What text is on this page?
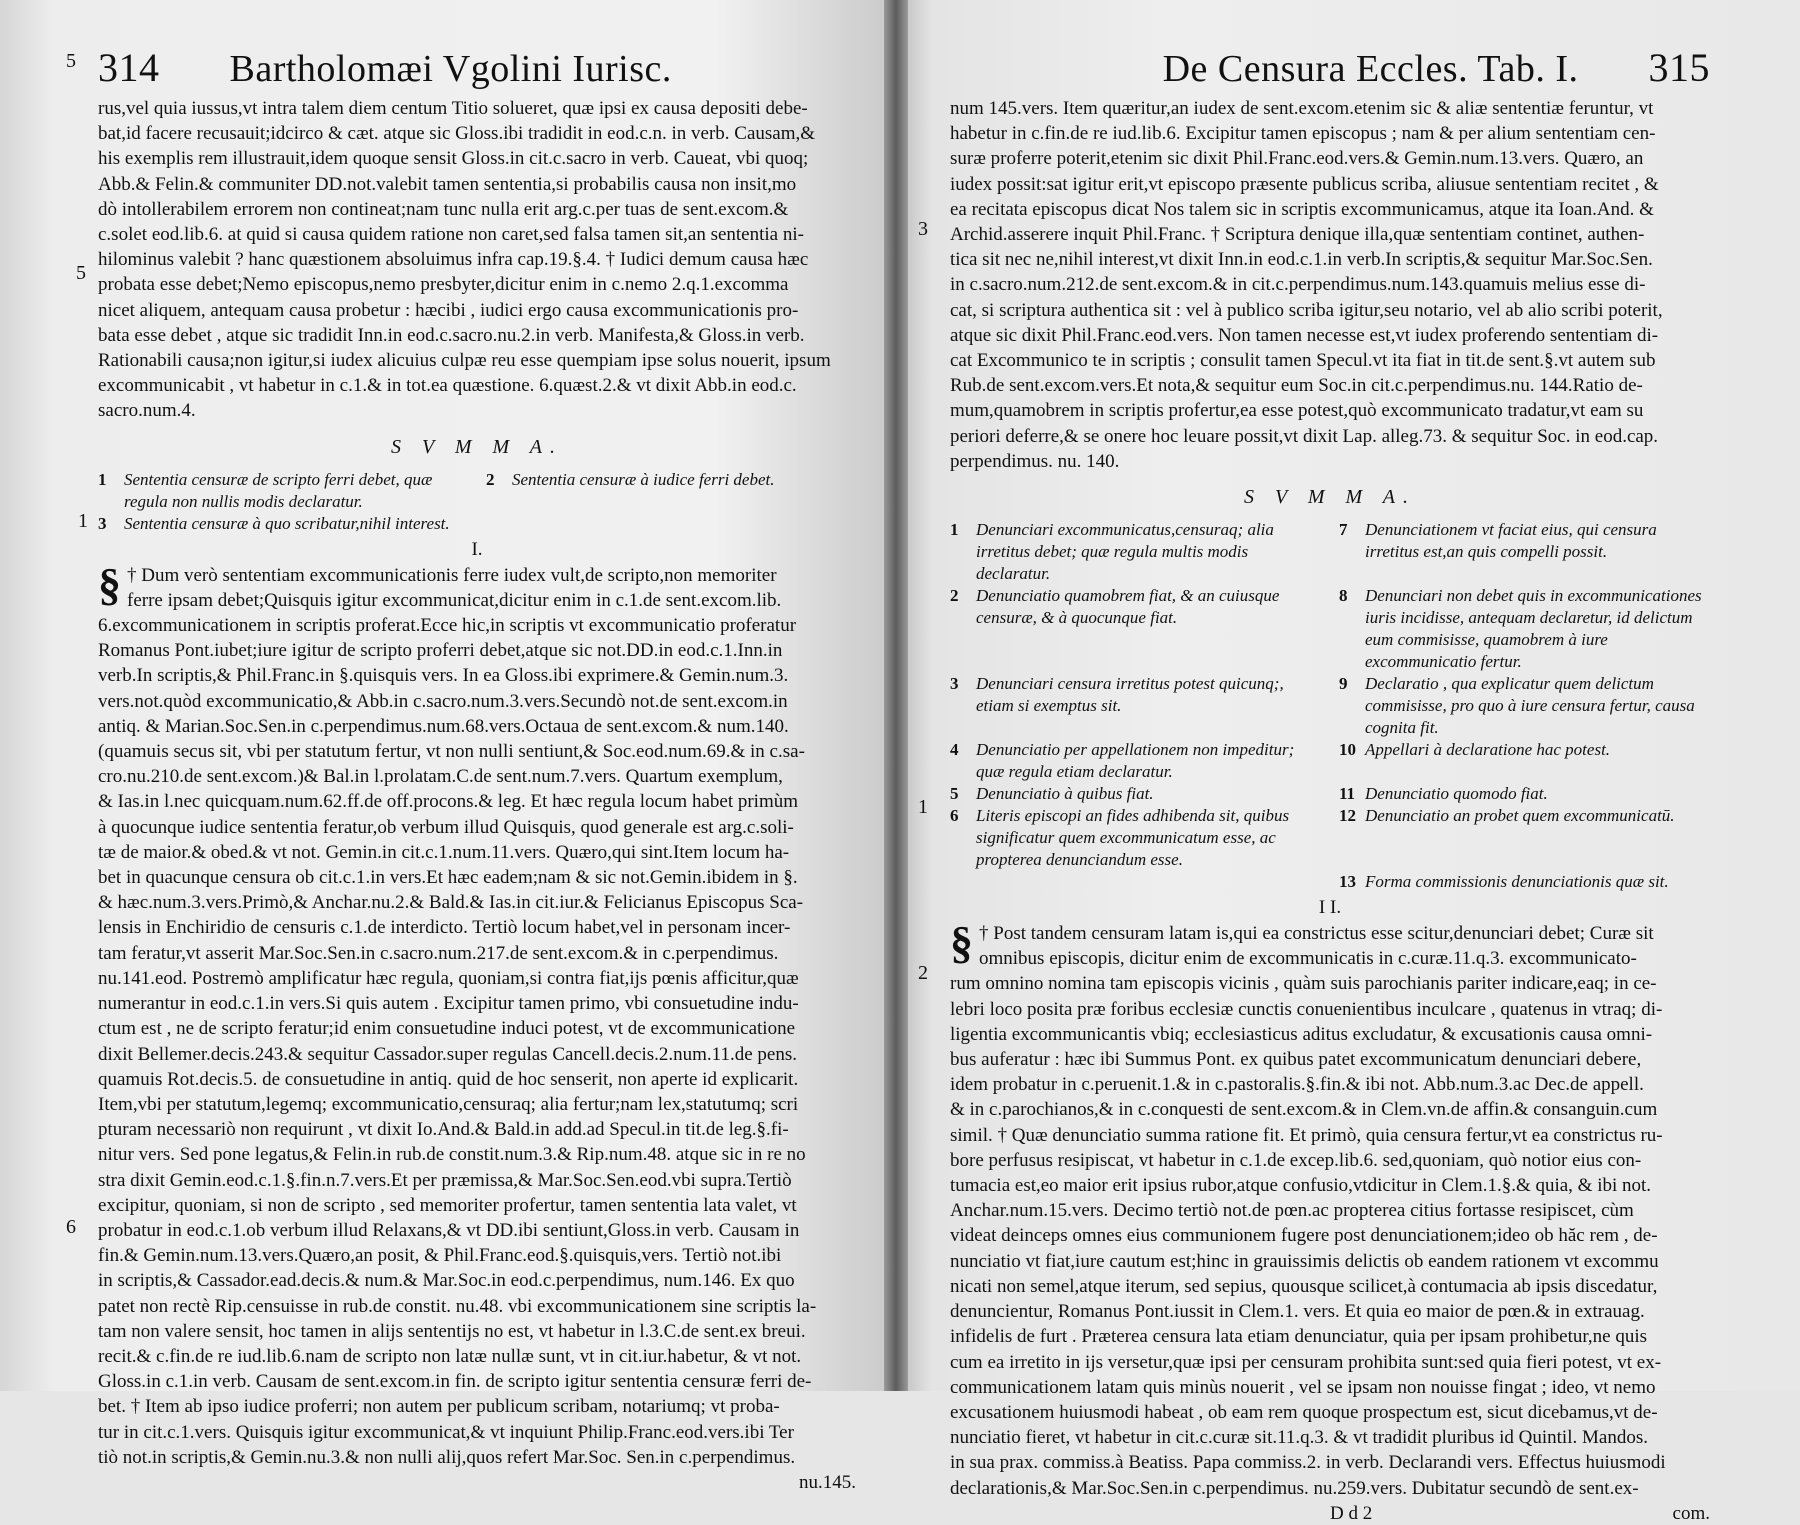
314 Bartholomæi Vgolini Iurisc.
5
5
1
6
rus,vel quia iussus,vt intra talem diem centum Titio solueret, quæ ipsi ex causa depositi debe-
bat,id facere recusauit;idcirco & cæt. atque sic Gloss.ibi tradidit in eod.c.n. in verb. Causam,&
his exemplis rem illustrauit,idem quoque sensit Gloss.in cit.c.sacro in verb. Caueat, vbi quoq;
Abb.& Felin.& communiter DD.not.valebit tamen sententia,si probabilis causa non insit,mo
dò intollerabilem errorem non contineat;nam tunc nulla erit arg.c.per tuas de sent.excom.&
c.solet eod.lib.6. at quid si causa quidem ratione non caret,sed falsa tamen sit,an sententia ni-
hilominus valebit ? hanc quæstionem absoluimus infra cap.19.§.4. † Iudici demum causa hæc
probata esse debet;Nemo episcopus,nemo presbyter,dicitur enim in c.nemo 2.q.1.excomma
nicet aliquem, antequam causa probetur : hæcibi , iudici ergo causa excommunicationis pro-
bata esse debet , atque sic tradidit Inn.in eod.c.sacro.nu.2.in verb. Manifesta,& Gloss.in verb.
Rationabili causa;non igitur,si iudex alicuius culpæ reu esse quempiam ipse solus nouerit, ipsum
excommunicabit , vt habetur in c.1.& in tot.ea quæstione. 6.quæst.2.& vt dixit Abb.in eod.c.
sacro.num.4.
S V M M A.
1	Sententia censuræ de scripto ferri debet, quæ regula non nullis modis declaratur.
2	Sententia censuræ à iudice ferri debet.
3	Sententia censuræ à quo scribatur,nihil interest.
I.
§ † Dum verò sententiam excommunicationis ferre iudex vult,de scripto,non memoriter
ferre ipsam debet;Quisquis igitur excommunicat,dicitur enim in c.1.de sent.excom.lib.
6.excommunicationem in scriptis proferat.Ecce hic,in scriptis vt excommunicatio proferatur
Romanus Pont.iubet;iure igitur de scripto proferri debet,atque sic not.DD.in eod.c.1.Inn.in
verb.In scriptis,& Phil.Franc.in §.quisquis vers. In ea Gloss.ibi exprimere.& Gemin.num.3.
vers.not.quòd excommunicatio,& Abb.in c.sacro.num.3.vers.Secundò not.de sent.excom.in
antiq. & Marian.Soc.Sen.in c.perpendimus.num.68.vers.Octaua de sent.excom.& num.140.
(quamuis secus sit, vbi per statutum fertur, vt non nulli sentiunt,& Soc.eod.num.69.& in c.sa-
cro.nu.210.de sent.excom.)& Bal.in l.prolatam.C.de sent.num.7.vers. Quartum exemplum,
& Ias.in l.nec quicquam.num.62.ff.de off.procons.& leg. Et hæc regula locum habet primùm
à quocunque iudice sententia feratur,ob verbum illud Quisquis, quod generale est arg.c.soli-
tæ de maior.& obed.& vt not. Gemin.in cit.c.1.num.11.vers. Quæro,qui sint.Item locum ha-
bet in quacunque censura ob cit.c.1.in vers.Et hæc eadem;nam & sic not.Gemin.ibidem in §.
& hæc.num.3.vers.Primò,& Anchar.nu.2.& Bald.& Ias.in cit.iur.& Felicianus Episcopus Sca-
lensis in Enchiridio de censuris c.1.de interdicto. Tertiò locum habet,vel in personam incer-
tam feratur,vt asserit Mar.Soc.Sen.in c.sacro.num.217.de sent.excom.& in c.perpendimus.
nu.141.eod. Postremò amplificatur hæc regula, quoniam,si contra fiat,ijs pœnis afficitur,quæ
numerantur in eod.c.1.in vers.Si quis autem . Excipitur tamen primo, vbi consuetudine indu-
ctum est , ne de scripto feratur;id enim consuetudine induci potest, vt de excommunicatione
dixit Bellemer.decis.243.& sequitur Cassador.super regulas Cancell.decis.2.num.11.de pens.
quamuis Rot.decis.5. de consuetudine in antiq. quid de hoc senserit, non aperte id explicarit.
Item,vbi per statutum,legemq; excommunicatio,censuraq; alia fertur;nam lex,statutumq; scri
pturam necessariò non requirunt , vt dixit Io.And.& Bald.in add.ad Specul.in tit.de leg.§.fi-
nitur vers. Sed pone legatus,& Felin.in rub.de constit.num.3.& Rip.num.48. atque sic in re no
stra dixit Gemin.eod.c.1.§.fin.n.7.vers.Et per præmissa,& Mar.Soc.Sen.eod.vbi supra.Tertiò
excipitur, quoniam, si non de scripto , sed memoriter profertur, tamen sententia lata valet, vt
probatur in eod.c.1.ob verbum illud Relaxans,& vt DD.ibi sentiunt,Gloss.in verb. Causam in
fin.& Gemin.num.13.vers.Quæro,an posit, & Phil.Franc.eod.§.quisquis,vers. Tertiò not.ibi
in scriptis,& Cassador.ead.decis.& num.& Mar.Soc.in eod.c.perpendimus, num.146. Ex quo
patet non rectè Rip.censuisse in rub.de constit. nu.48. vbi excommunicationem sine scriptis la-
tam non valere sensit, hoc tamen in alijs sententijs no est, vt habetur in l.3.C.de sent.ex breui.
recit.& c.fin.de re iud.lib.6.nam de scripto non latæ nullæ sunt, vt in cit.iur.habetur, & vt not.
Gloss.in c.1.in verb. Causam de sent.excom.in fin. de scripto igitur sententia censuræ ferri de-
bet. † Item ab ipso iudice proferri; non autem per publicum scribam, notariumq; vt proba-
tur in cit.c.1.vers. Quisquis igitur excommunicat,& vt inquiunt Philip.Franc.eod.vers.ibi Ter
tiò not.in scriptis,& Gemin.nu.3.& non nulli alij,quos refert Mar.Soc. Sen.in c.perpendimus.
nu.145.
De Censura Eccles. Tab. I. 315
3
1
2
num 145.vers. Item quæritur,an iudex de sent.excom.etenim sic & aliæ sententiæ feruntur, vt
habetur in c.fin.de re iud.lib.6. Excipitur tamen episcopus ; nam & per alium sententiam cen-
suræ proferre poterit,etenim sic dixit Phil.Franc.eod.vers.& Gemin.num.13.vers. Quæro, an
iudex possit:sat igitur erit,vt episcopo præsente publicus scriba, aliusue sententiam recitet , &
ea recitata episcopus dicat Nos talem sic in scriptis excommunicamus, atque ita Ioan.And. &
Archid.asserere inquit Phil.Franc. † Scriptura denique illa,quæ sententiam continet, authen-
tica sit nec ne,nihil interest,vt dixit Inn.in eod.c.1.in verb.In scriptis,& sequitur Mar.Soc.Sen.
in c.sacro.num.212.de sent.excom.& in cit.c.perpendimus.num.143.quamuis melius esse di-
cat, si scriptura authentica sit : vel à publico scriba igitur,seu notario, vel ab alio scribi poterit,
atque sic dixit Phil.Franc.eod.vers. Non tamen necesse est,vt iudex proferendo sententiam di-
cat Excommunico te in scriptis ; consulit tamen Specul.vt ita fiat in tit.de sent.§.vt autem sub
Rub.de sent.excom.vers.Et nota,& sequitur eum Soc.in cit.c.perpendimus.nu. 144.Ratio de-
mum,quamobrem in scriptis profertur,ea esse potest,quò excommunicato tradatur,vt eam su
periori deferre,& se onere hoc leuare possit,vt dixit Lap. alleg.73. & sequitur Soc. in eod.cap.
perpendimus. nu. 140.
S V M M A.
1	Denunciari excommunicatus,censuraq; alia irretitus debet; quæ regula multis modis declaratur.
7	Denunciationem vt faciat eius, qui censura irretitus est,an quis compelli possit.
2	Denunciatio quamobrem fiat, & an cuiusque censuræ, & à quocunque fiat.
8	Denunciari non debet quis in excommunicationes iuris incidisse, antequam declaretur, id delictum eum commisisse, quamobrem à iure excommunicatio fertur.
3	Denunciari censura irretitus potest quicunq;, etiam si exemptus sit.
9	Declaratio , qua explicatur quem delictum commisisse, pro quo à iure censura fertur, causa cognita fit.
4	Denunciatio per appellationem non impeditur; quæ regula etiam declaratur.
10 Appellari à declaratione hac potest.
5	Denunciatio à quibus fiat.	11 Denunciatio quomodo fiat.
6	Literis episcopi an fides adhibenda sit, quibus significatur quem excommunicatum esse, ac propterea denunciandum esse.
12 Denunciatio an probet quem excommunicatū.
13 Forma commissionis denunciationis quæ sit.
I I.
§ † Post tandem censuram latam is,qui ea constrictus esse scitur,denunciari debet; Curæ sit
omnibus episcopis, dicitur enim de excommunicatis in c.curæ.11.q.3. excommunicato-
rum omnino nomina tam episcopis vicinis , quàm suis parochianis pariter indicare,eaq; in ce-
lebri loco posita præ foribus ecclesiæ cunctis conuenientibus inculcare , quatenus in vtraq; di-
ligentia excommunicantis vbiq; ecclesiasticus aditus excludatur, & excusationis causa omni-
bus auferatur : hæc ibi Summus Pont. ex quibus patet excommunicatum denunciari debere,
idem probatur in c.peruenit.1.& in c.pastoralis.§.fin.& ibi not. Abb.num.3.ac Dec.de appell.
& in c.parochianos,& in c.conquesti de sent.excom.& in Clem.vn.de affin.& consanguin.cum
simil. † Quæ denunciatio summa ratione fit. Et primò, quia censura fertur,vt ea constrictus ru-
bore perfusus resipiscat, vt habetur in c.1.de excep.lib.6. sed,quoniam, quò notior eius con-
tumacia est,eo maior erit ipsius rubor,atque confusio,vtdicitur in Clem.1.§.& quia, & ibi not.
Anchar.num.15.vers. Decimo tertiò not.de pœn.ac propterea citius fortasse resipiscet, cùm
videat deinceps omnes eius communionem fugere post denunciationem;ideo ob hăc rem , de-
nunciatio vt fiat,iure cautum est;hinc in grauissimis delictis ob eandem rationem vt excommu
nicati non semel,atque iterum, sed sepius, quousque scilicet,à contumacia ab ipsis discedatur,
denuncientur, Romanus Pont.iussit in Clem.1. vers. Et quia eo maior de pœn.& in extrauag.
infidelis de furt . Præterea censura lata etiam denunciatur, quia per ipsam prohibetur,ne quis
cum ea irretito in ijs versetur,quæ ipsi per censuram prohibita sunt:sed quia fieri potest, vt ex-
communicationem latam quis minùs nouerit , vel se ipsam non nouisse fingat ; ideo, vt nemo
excusationem huiusmodi habeat , ob eam rem quoque prospectum est, sicut dicebamus,vt de-
nunciatio fieret, vt habetur in cit.c.curæ sit.11.q.3. & vt tradidit pluribus id Quintil. Mandos.
in sua prax. commiss.à Beatiss. Papa commiss.2. in verb. Declarandi vers. Effectus huiusmodi
declarationis,& Mar.Soc.Sen.in c.perpendimus. nu.259.vers. Dubitatur secundò de sent.ex-
D d 2	com.
